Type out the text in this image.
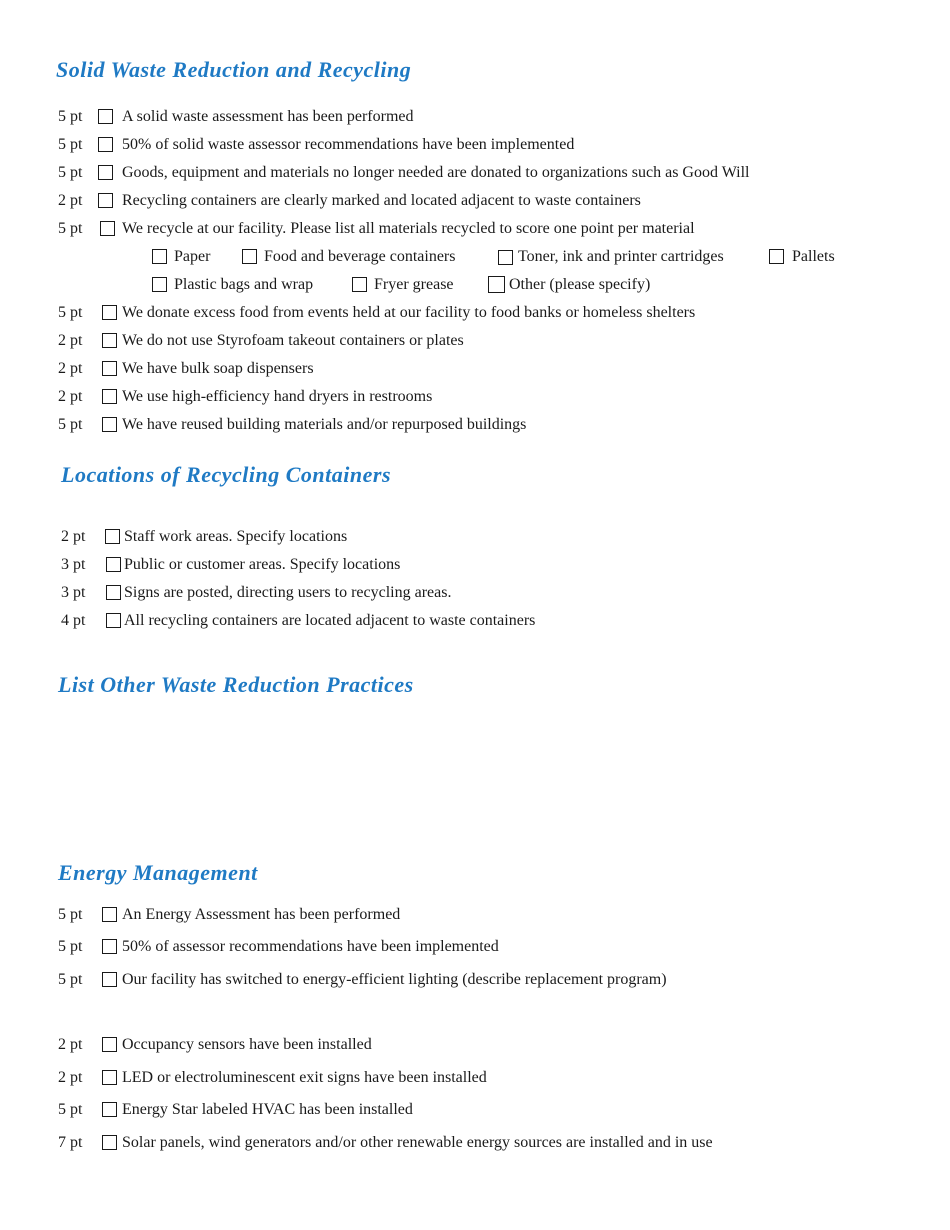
Solid Waste Reduction and Recycling
5 pt A solid waste assessment has been performed
5 pt 50% of solid waste assessor recommendations have been implemented
5 pt Goods, equipment and materials no longer needed are donated to organizations such as Good Will
2 pt Recycling containers are clearly marked and located adjacent to waste containers
5 pt We recycle at our facility. Please list all materials recycled to score one point per material
Paper	Food and beverage containers	Toner, ink and printer cartridges	Pallets
Plastic bags and wrap	Fryer grease	Other (please specify)
5 pt We donate excess food from events held at our facility to food banks or homeless shelters
2 pt We do not use Styrofoam takeout containers or plates
2 pt We have bulk soap dispensers
2 pt We use high-efficiency hand dryers in restrooms
5 pt We have reused building materials and/or repurposed buildings
Locations of Recycling Containers
2 pt Staff work areas. Specify locations
3 pt Public or customer areas. Specify locations
3 pt Signs are posted, directing users to recycling areas.
4 pt All recycling containers are located adjacent to waste containers
List Other Waste Reduction Practices
Energy Management
5 pt An Energy Assessment has been performed
5 pt 50% of assessor recommendations have been implemented
5 pt Our facility has switched to energy-efficient lighting (describe replacement program)
2 pt Occupancy sensors have been installed
2 pt LED or electroluminescent exit signs have been installed
5 pt Energy Star labeled HVAC has been installed
7 pt Solar panels, wind generators and/or other renewable energy sources are installed and in use
